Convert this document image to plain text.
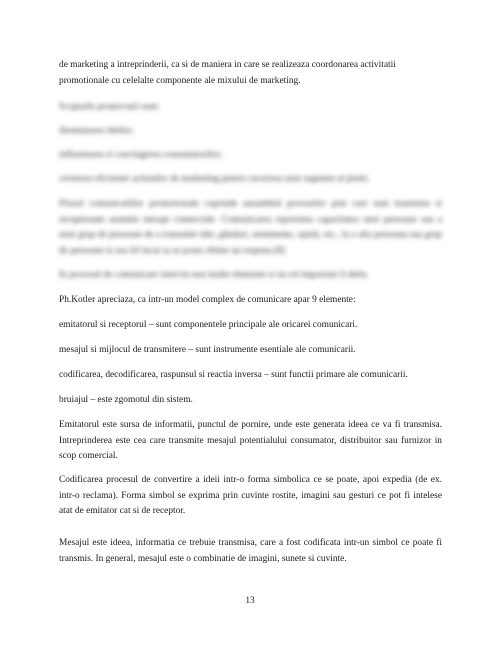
de marketing a intreprinderii, ca si de maniera in care se realizeaza coordonarea activitatii

promotionale cu celelalte componente ale mixului de marketing.

Scopurile promovarii sunt:

diseminarea ideilor;

influentarea si convingerea consumatorilor;

cresterea eficientei actiunilor de marketing pentru cucerirea unui segment al pietei.

Fluxul comunicatiilor promotionale cuprinde ansamblul proceselor prin care sunt transmise si receptionate anumite mesaje comerciale. Comunicarea reprezinta capacitatea unei persoane sau a unui grup de persoane de a transmite idei, gânduri, sentimente, opinii, etc., la o alta persoana sau grup de persoane in asa fel incat sa se poata obtine un raspuns.[8]

In procesul de comunicare intervin mai multe elemente si un rol important il detin.

Ph.Kotler apreciaza, ca intr-un model complex de comunicare apar 9 elemente:

emitatorul si receptorul – sunt componentele principale ale oricarei comunicari.

mesajul si mijlocul de transmitere – sunt instrumente esentiale ale comunicarii.

codificarea, decodificarea, raspunsul si reactia inversa – sunt functii primare ale comunicarii.

bruiajul – este zgomotul din sistem.

Emitatorul este sursa de informatii, punctul de pornire, unde este generata ideea ce va fi transmisa. Intreprinderea este cea care transmite mesajul potentialului consumator, distribuitor sau furnizor in scop comercial.

Codificarea procesul de convertire a ideii intr-o forma simbolica ce se poate, apoi expedia (de ex. intr-o reclama). Forma simbol se exprima prin cuvinte rostite, imagini sau gesturi ce pot fi intelese atat de emitator cat si de receptor.

Mesajul este ideea, informatia ce trebuie transmisa, care a fost codificata intr-un simbol ce poate fi transmis. In general, mesajul este o combinatie de imagini, sunete si cuvinte.

13
